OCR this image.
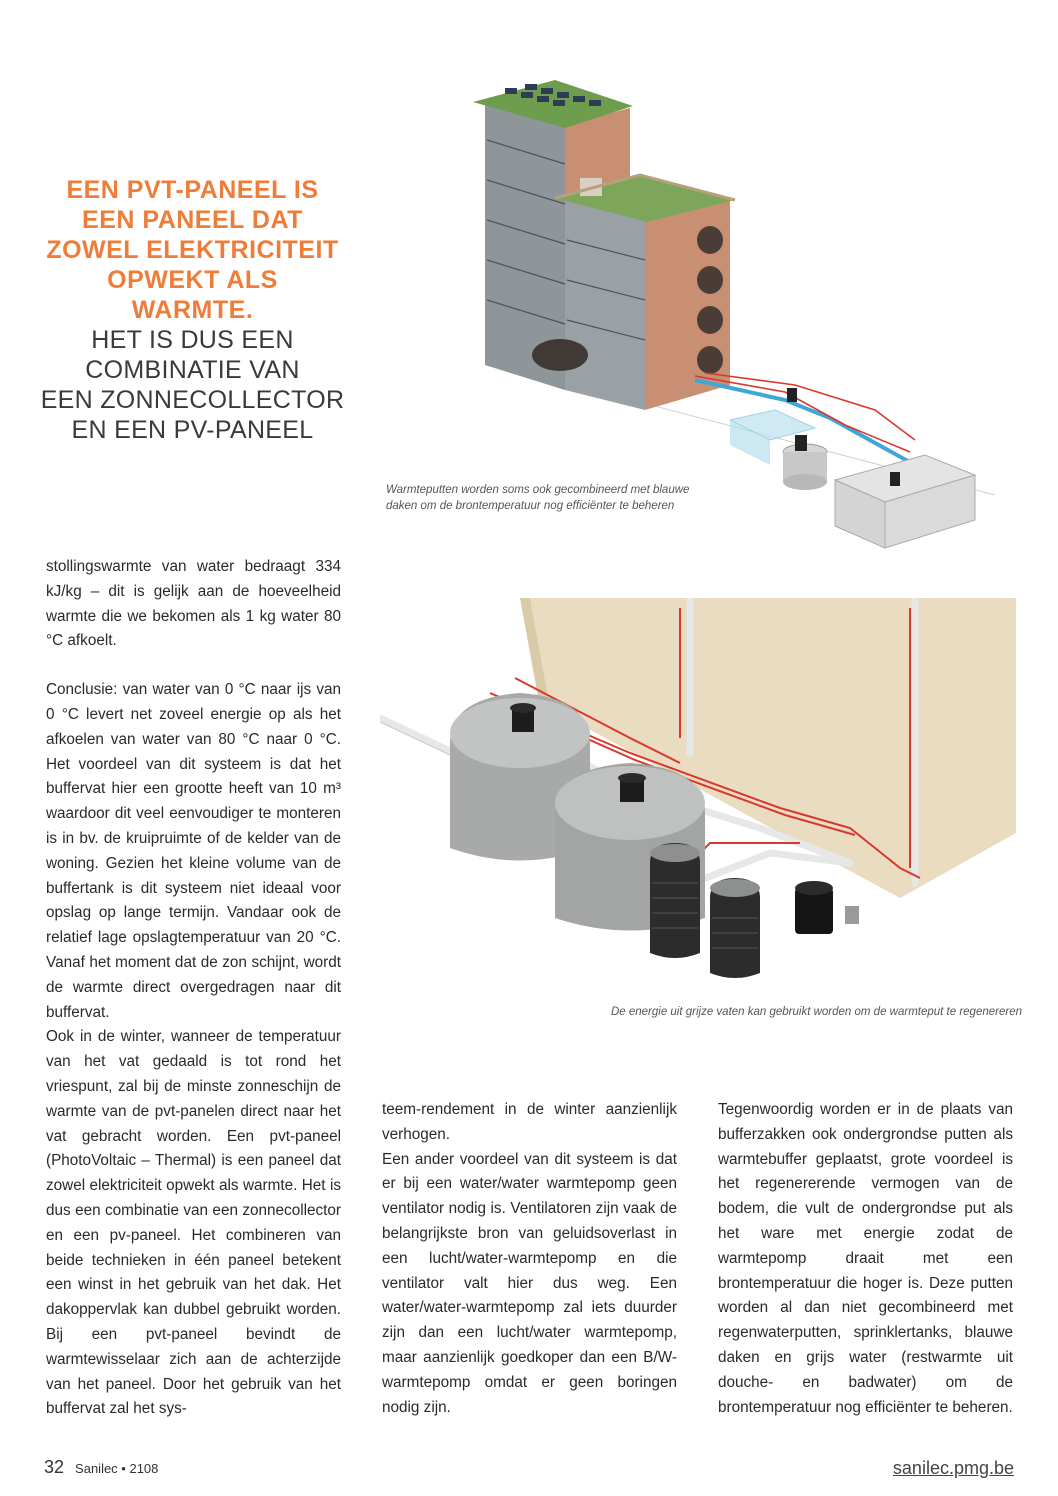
EEN PVT-PANEEL IS

EEN PANEEL DAT

ZOWEL ELEKTRICITEIT

OPWEKT ALS

WARMTE.

HET IS DUS EEN

COMBINATIE VAN

EEN ZONNECOLLECTOR

EN EEN PV-PANEEL

Warmteputten worden soms ook gecombineerd met blauwe
daken om de brontemperatuur nog efficiënter te beheren
De energie uit grijze vaten kan gebruikt worden om de warmteput te regenereren

stollingswarmte van water bedraagt 334 kJ/kg – dit is gelijk aan de hoeveelheid warmte die we bekomen als 1 kg water 80 °C afkoelt.

Conclusie: van water van 0 °C naar ijs van 0 °C levert net zoveel energie op als het afkoelen van water van 80 °C naar 0 °C. Het voordeel van dit systeem is dat het buffervat hier een grootte heeft van 10 m³ waardoor dit veel eenvoudiger te monteren is in bv. de kruipruimte of de kelder van de woning. Gezien het kleine volume van de buffertank is dit systeem niet ideaal voor opslag op lange termijn. Vandaar ook de relatief lage opslagtemperatuur van 20 °C. Vanaf het moment dat de zon schijnt, wordt de warmte direct overgedragen naar dit buffervat.

Ook in de winter, wanneer de temperatuur van het vat gedaald is tot rond het vriespunt, zal bij de minste zonneschijn de warmte van de pvt-panelen direct naar het vat gebracht worden. Een pvt-paneel (PhotoVoltaic – Thermal) is een paneel dat zowel elektriciteit opwekt als warmte. Het is dus een combinatie van een zonnecollector en een pv-paneel. Het combineren van beide technieken in één paneel betekent een winst in het gebruik van het dak. Het dakoppervlak kan dubbel gebruikt worden. Bij een pvt-paneel bevindt de warmtewisselaar zich aan de achterzijde van het paneel. Door het gebruik van het buffervat zal het sys-

teem-rendement in de winter aanzienlijk verhogen.

Een ander voordeel van dit systeem is dat er bij een water/water warmtepomp geen ventilator nodig is. Ventilatoren zijn vaak de belangrijkste bron van geluidsoverlast in een lucht/water-warmtepomp en die ventilator valt hier dus weg. Een water/water-warmtepomp zal iets duurder zijn dan een lucht/water warmtepomp, maar aanzienlijk goedkoper dan een B/W-warmtepomp omdat er geen boringen nodig zijn.

Tegenwoordig worden er in de plaats van bufferzakken ook ondergrondse putten als warmtebuffer geplaatst, grote voordeel is het regenererende vermogen van de bodem, die vult de ondergrondse put als het ware met energie zodat de warmtepomp draait met een brontemperatuur die hoger is. Deze putten worden al dan niet gecombineerd met regenwaterputten, sprinklertanks, blauwe daken en grijs water (restwarmte uit douche- en badwater) om de brontemperatuur nog efficiënter te beheren.

32 Sanilec • 2108	sanilec.pmg.be
